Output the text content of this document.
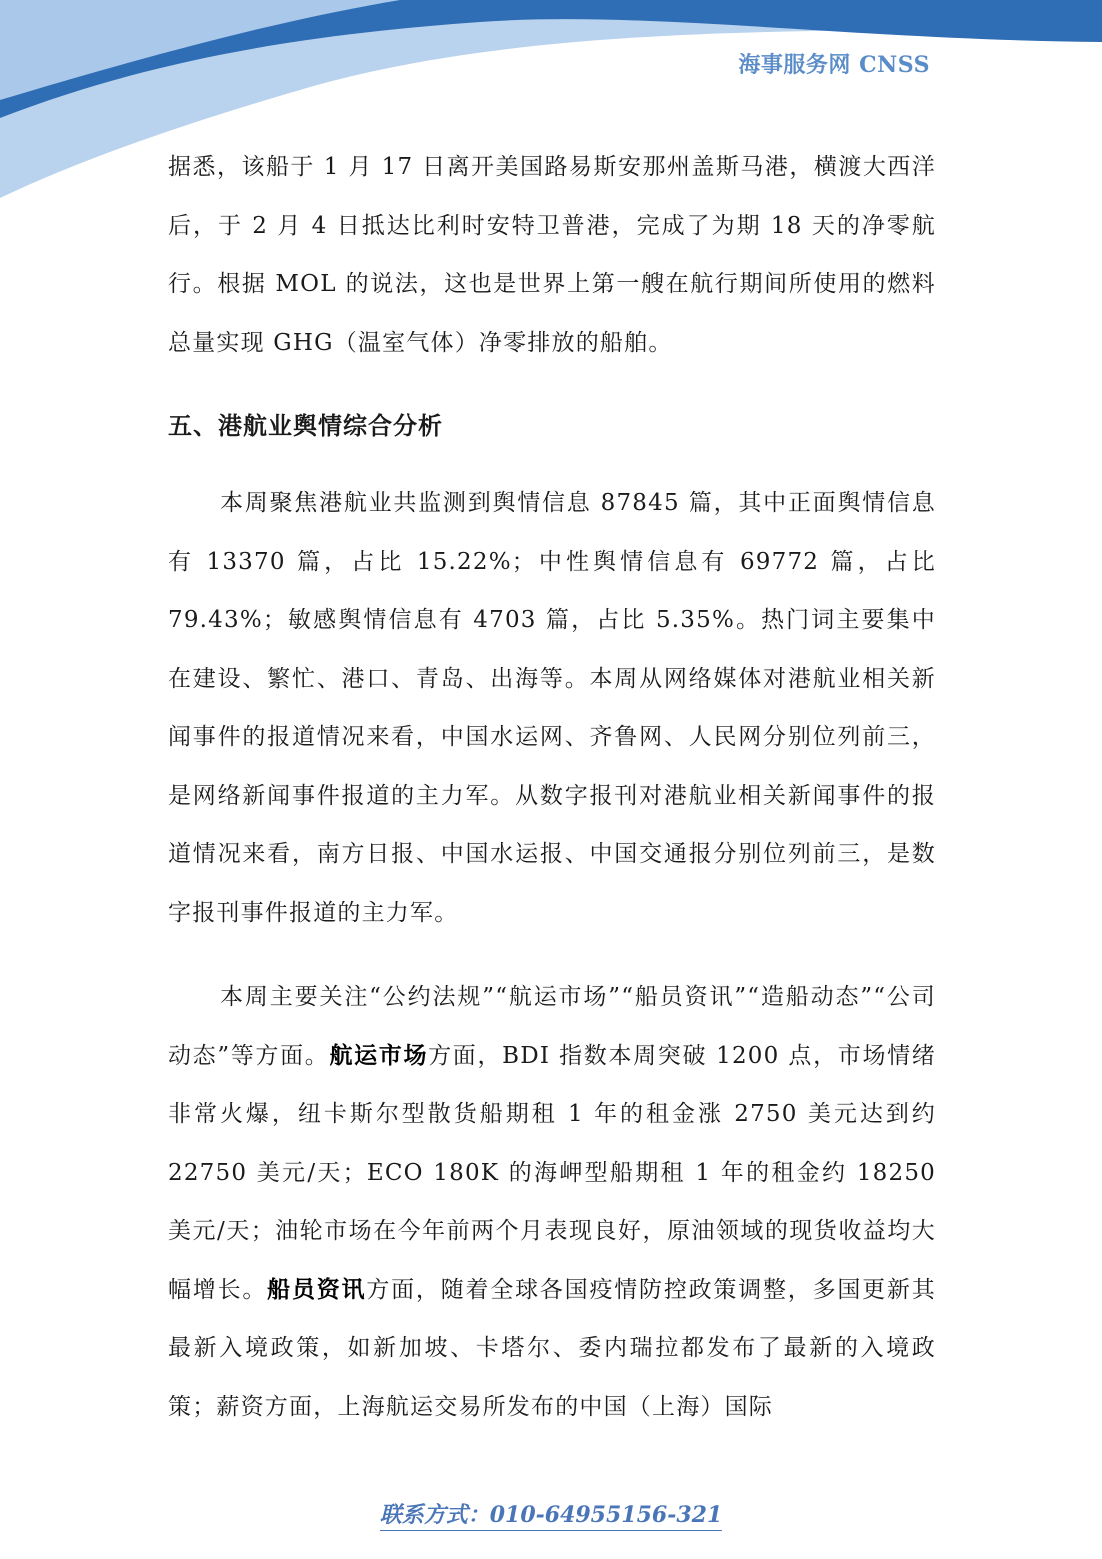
海事服务网 CNSS

据悉，该船于 1 月 17 日离开美国路易斯安那州盖斯马港，横渡大西洋后，于 2 月 4 日抵达比利时安特卫普港，完成了为期 18 天的净零航行。根据 MOL 的说法，这也是世界上第一艘在航行期间所使用的燃料总量实现 GHG（温室气体）净零排放的船舶。

五、港航业舆情综合分析

本周聚焦港航业共监测到舆情信息 87845 篇，其中正面舆情信息有 13370 篇，占比 15.22%；中性舆情信息有 69772 篇，占比 79.43%；敏感舆情信息有 4703 篇，占比 5.35%。热门词主要集中在建设、繁忙、港口、青岛、出海等。本周从网络媒体对港航业相关新闻事件的报道情况来看，中国水运网、齐鲁网、人民网分别位列前三，是网络新闻事件报道的主力军。从数字报刊对港航业相关新闻事件的报道情况来看，南方日报、中国水运报、中国交通报分别位列前三，是数字报刊事件报道的主力军。

本周主要关注“公约法规”“航运市场”“船员资讯”“造船动态”“公司动态”等方面。航运市场方面，BDI 指数本周突破 1200 点，市场情绪非常火爆，纽卡斯尔型散货船期租 1 年的租金涨 2750 美元达到约 22750 美元/天；ECO 180K 的海岬型船期租 1 年的租金约 18250 美元/天；油轮市场在今年前两个月表现良好，原油领域的现货收益均大幅增长。船员资讯方面，随着全球各国疫情防控政策调整，多国更新其最新入境政策，如新加坡、卡塔尔、委内瑞拉都发布了最新的入境政策；薪资方面，上海航运交易所发布的中国（上海）国际

联系方式：010-64955156-321
